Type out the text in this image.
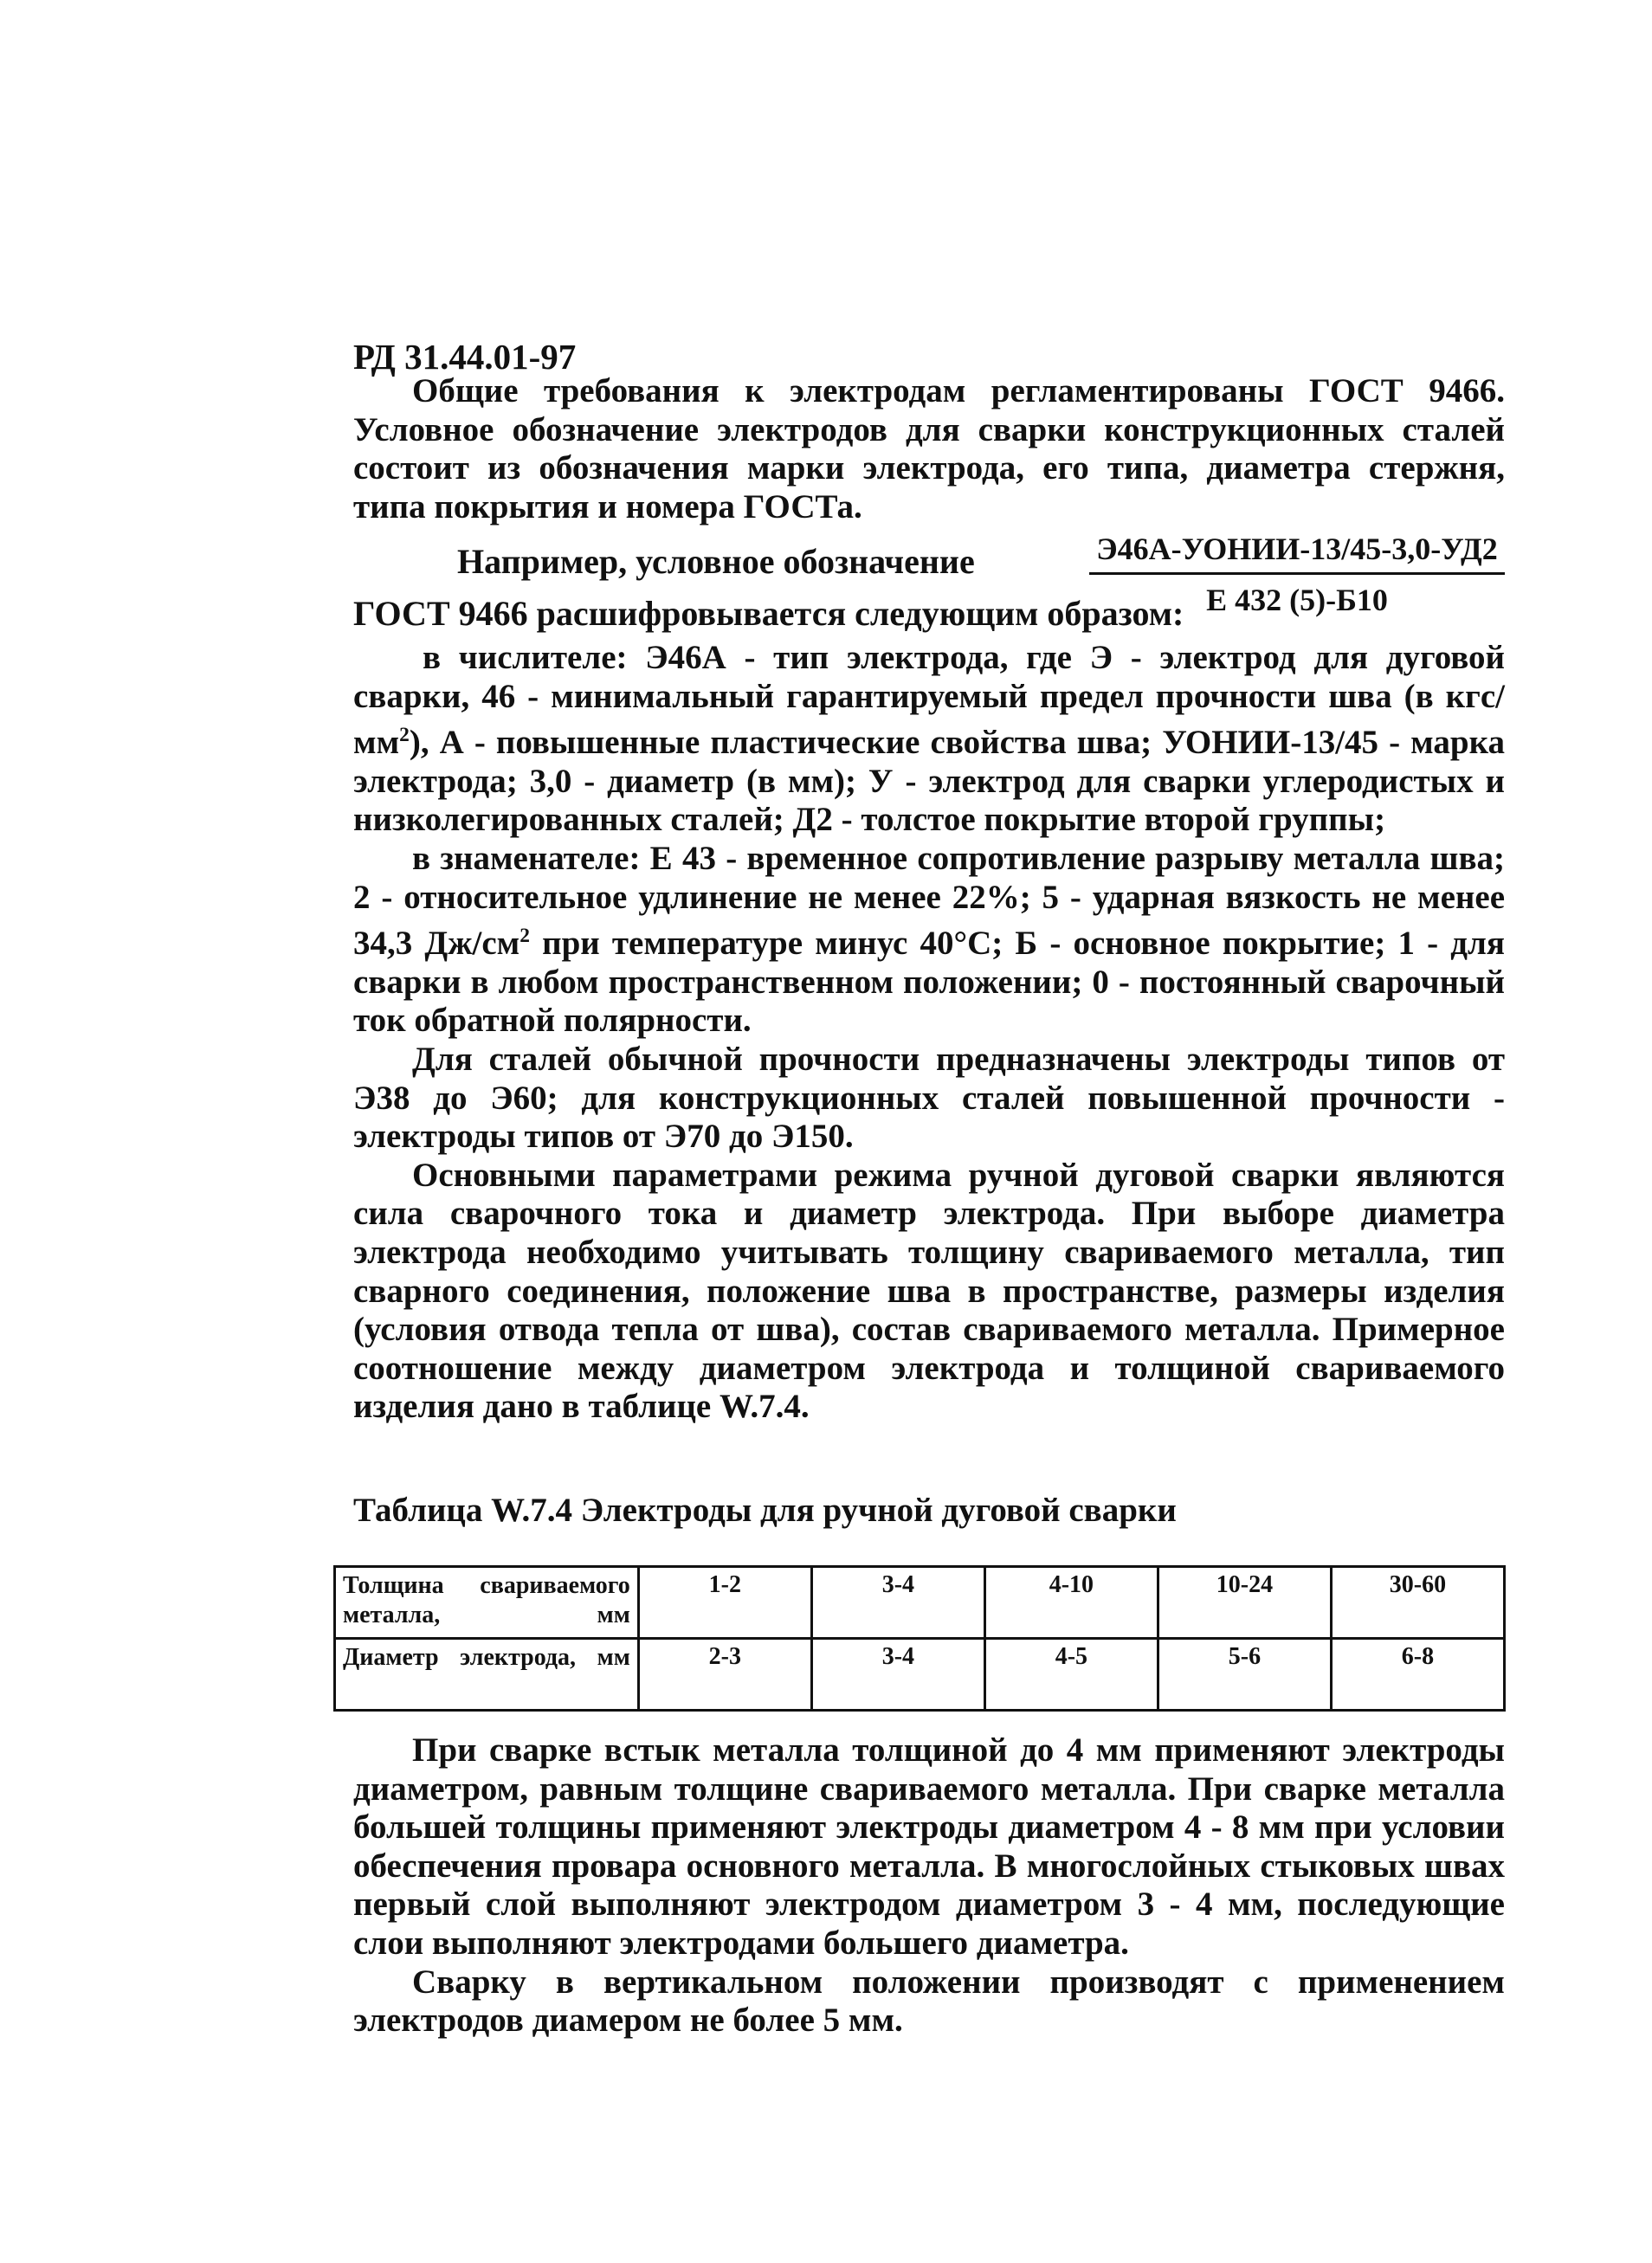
РД 31.44.01-97

Общие требования к электродам регламентированы ГОСТ 9466. Условное обозначение электродов для сварки конструкционных сталей состоит из обозначения марки электрода, его типа, диаметра стержня, типа покрытия и номера ГОСТа.

Например, условное обозначение
ГОСТ 9466 расшифровывается следующим образом:
Э46А-УОНИИ-13/45-3,0-УД2
Е 432 (5)-Б10

в числителе: Э46А - тип электрода, где Э - электрод для дуговой сварки, 46 - минимальный гарантируемый предел прочности шва (в кгс/$мм^2$), А - повышенные пластические свойства шва; УОНИИ-13/45 - марка электрода; 3,0 - диаметр (в мм); У - электрод для сварки углеродистых и низколегированных сталей; Д2 - толстое покрытие второй группы;

в знаменателе: Е 43 - временное сопротивление разрыву металла шва; 2 - относительное удлинение не менее 22%; 5 - ударная вязкость не менее 34,3 $Дж/см^2$ при температуре минус 40°С; Б - основное покрытие; 1 - для сварки в любом пространственном положении; 0 - постоянный сварочный ток обратной полярности.

Для сталей обычной прочности предназначены электроды типов от Э38 до Э60; для конструкционных сталей повышенной прочности - электроды типов от Э70 до Э150.

Основными параметрами режима ручной дуговой сварки являются сила сварочного тока и диаметр электрода. При выборе диаметра электрода необходимо учитывать толщину свариваемого металла, тип сварного соединения, положение шва в пространстве, размеры изделия (условия отвода тепла от шва), состав свариваемого металла. Примерное соотношение между диаметром электрода и толщиной свариваемого изделия дано в таблице W.7.4.

Таблица W.7.4 Электроды для ручной дуговой сварки
Толщина свариваемого металла, мм	1-2	3-4	4-10	10-24	30-60
Диаметр электрода, мм	2-3	3-4	4-5	5-6	6-8

При сварке встык металла толщиной до 4 мм применяют электроды диаметром, равным толщине свариваемого металла. При сварке металла большей толщины применяют электроды диаметром 4 - 8 мм при условии обеспечения провара основного металла. В многослойных стыковых швах первый слой выполняют электродом диаметром 3 - 4 мм, последующие слои выполняют электродами большего диаметра.

Сварку в вертикальном положении производят с применением электродов диамером не более 5 мм.
